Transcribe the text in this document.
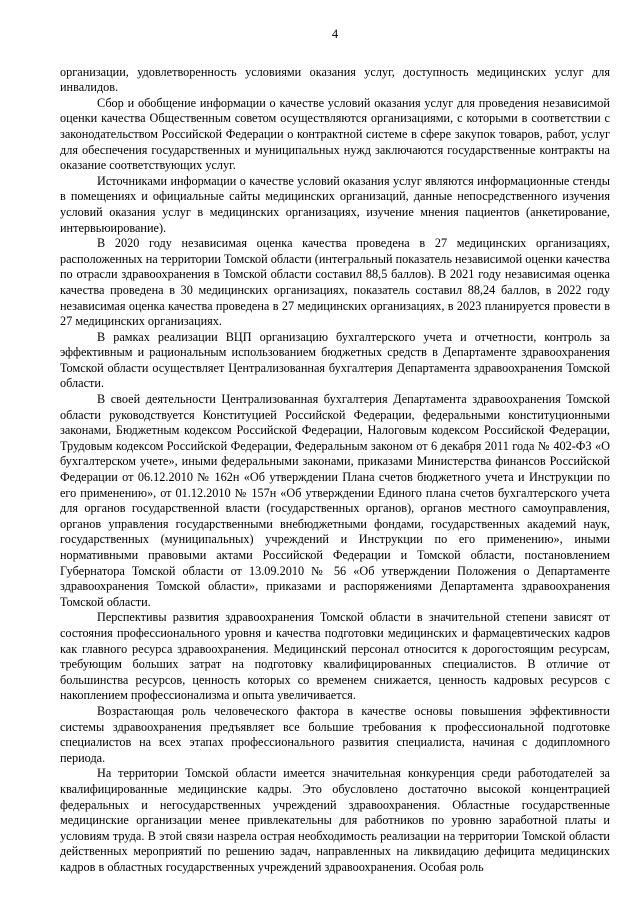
4

организации, удовлетворенность условиями оказания услуг, доступность медицинских услуг для инвалидов.

Сбор и обобщение информации о качестве условий оказания услуг для проведения независимой оценки качества Общественным советом осуществляются организациями, с которыми в соответствии с законодательством Российской Федерации о контрактной системе в сфере закупок товаров, работ, услуг для обеспечения государственных и муниципальных нужд заключаются государственные контракты на оказание соответствующих услуг.

Источниками информации о качестве условий оказания услуг являются информационные стенды в помещениях и официальные сайты медицинских организаций, данные непосредственного изучения условий оказания услуг в медицинских организациях, изучение мнения пациентов (анкетирование, интервьюирование).

В 2020 году независимая оценка качества проведена в 27 медицинских организациях, расположенных на территории Томской области (интегральный показатель независимой оценки качества по отрасли здравоохранения в Томской области составил 88,5 баллов). В 2021 году независимая оценка качества проведена в 30 медицинских организациях, показатель составил 88,24 баллов, в 2022 году независимая оценка качества проведена в 27 медицинских организациях, в 2023 планируется провести в 27 медицинских организациях.

В рамках реализации ВЦП организацию бухгалтерского учета и отчетности, контроль за эффективным и рациональным использованием бюджетных средств в Департаменте здравоохранения Томской области осуществляет Централизованная бухгалтерия Департамента здравоохранения Томской области.

В своей деятельности Централизованная бухгалтерия Департамента здравоохранения Томской области руководствуется Конституцией Российской Федерации, федеральными конституционными законами, Бюджетным кодексом Российской Федерации, Налоговым кодексом Российской Федерации, Трудовым кодексом Российской Федерации, Федеральным законом от 6 декабря 2011 года № 402-ФЗ «О бухгалтерском учете», иными федеральными законами, приказами Министерства финансов Российской Федерации от 06.12.2010 № 162н «Об утверждении Плана счетов бюджетного учета и Инструкции по его применению», от 01.12.2010 № 157н «Об утверждении Единого плана счетов бухгалтерского учета для органов государственной власти (государственных органов), органов местного самоуправления, органов управления государственными внебюджетными фондами, государственных академий наук, государственных (муниципальных) учреждений и Инструкции по его применению», иными нормативными правовыми актами Российской Федерации и Томской области, постановлением Губернатора Томской области от 13.09.2010 № 56 «Об утверждении Положения о Департаменте здравоохранения Томской области», приказами и распоряжениями Департамента здравоохранения Томской области.

Перспективы развития здравоохранения Томской области в значительной степени зависят от состояния профессионального уровня и качества подготовки медицинских и фармацевтических кадров как главного ресурса здравоохранения. Медицинский персонал относится к дорогостоящим ресурсам, требующим больших затрат на подготовку квалифицированных специалистов. В отличие от большинства ресурсов, ценность которых со временем снижается, ценность кадровых ресурсов с накоплением профессионализма и опыта увеличивается.

Возрастающая роль человеческого фактора в качестве основы повышения эффективности системы здравоохранения предъявляет все большие требования к профессиональной подготовке специалистов на всех этапах профессионального развития специалиста, начиная с додипломного периода.

На территории Томской области имеется значительная конкуренция среди работодателей за квалифицированные медицинские кадры. Это обусловлено достаточно высокой концентрацией федеральных и негосударственных учреждений здравоохранения. Областные государственные медицинские организации менее привлекательны для работников по уровню заработной платы и условиям труда. В этой связи назрела острая необходимость реализации на территории Томской области действенных мероприятий по решению задач, направленных на ликвидацию дефицита медицинских кадров в областных государственных учреждений здравоохранения. Особая роль
